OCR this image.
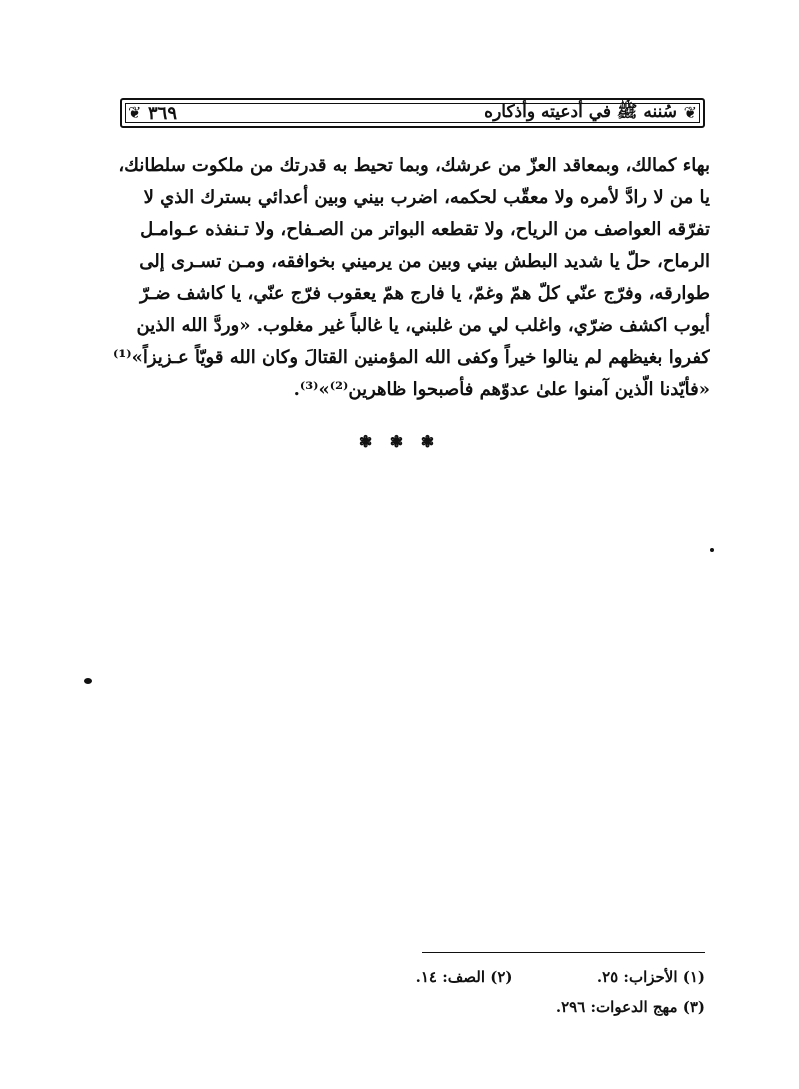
❦
سُننه ﷺ في أدعيته وأذكاره
٣٦٩
❦
بهاء كمالك، وبمعاقد العزّ من عرشك، وبما تحيط به قدرتك من ملكوت سلطانك،
يا من لا رادَّ لأمره ولا معقّب لحكمه، اضرب بيني وبين أعدائي بسترك الذي لا
تفرّقه العواصف من الرياح، ولا تقطعه البواتر من الصـفاح، ولا تـنفذه عـوامـل
الرماح، حلّ يا شديد البطش بيني وبين من يرميني بخوافقه، ومـن تسـرى إلى
طوارقه، وفرّج عنّي كلّ همّ وغمّ، يا فارج همّ يعقوب فرّج عنّي، يا كاشف ضـرّ
أيوب اكشف ضرّي، واغلب لي من غلبني، يا غالباً غير مغلوب. «وردَّ الله الذين
كفروا بغيظهم لم ينالوا خيراً وكفى الله المؤمنين القتالَ وكان الله قويّاً عـزيزاً»⁽¹⁾
«فأيّدنا الّذين آمنوا علىٰ عدوّهم فأصبحوا ظاهرين⁽²⁾»⁽³⁾.
❃ ❃ ❃
(١) الأحزاب: ٢٥.
(٢) الصف: ١٤.
(٣) مهج الدعوات: ٢٩٦.
